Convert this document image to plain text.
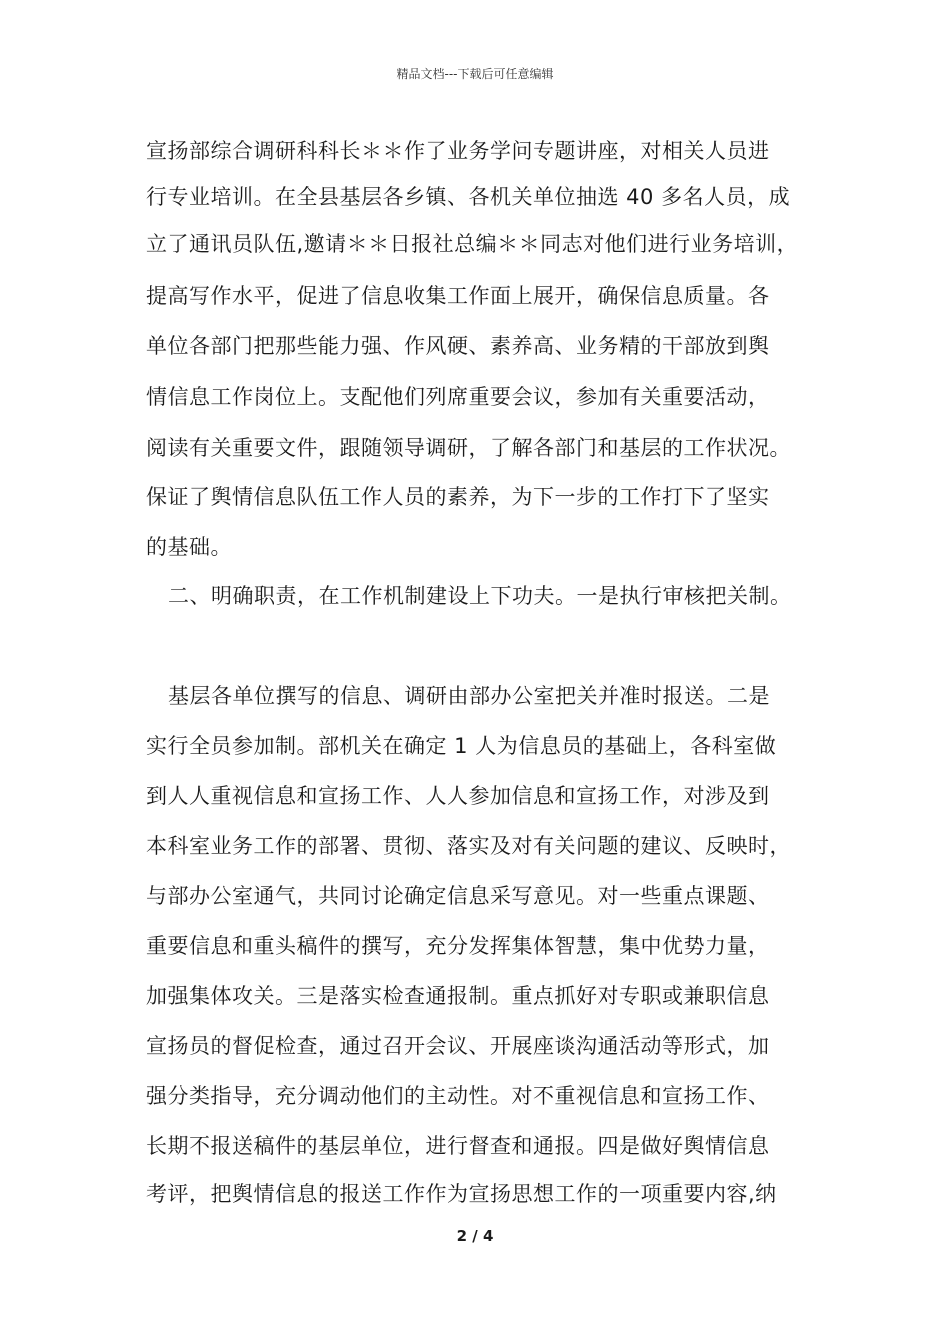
精品文档---下载后可任意编辑
宣扬部综合调研科科长＊＊作了业务学问专题讲座，对相关人员进
行专业培训。在全县基层各乡镇、各机关单位抽选 40 多名人员，成
立了通讯员队伍,邀请＊＊日报社总编＊＊同志对他们进行业务培训，
提高写作水平，促进了信息收集工作面上展开，确保信息质量。各
单位各部门把那些能力强、作风硬、素养高、业务精的干部放到舆
情信息工作岗位上。支配他们列席重要会议，参加有关重要活动，
阅读有关重要文件，跟随领导调研，了解各部门和基层的工作状况。
保证了舆情信息队伍工作人员的素养，为下一步的工作打下了坚实
的基础。
二、明确职责，在工作机制建设上下功夫。一是执行审核把关制。
基层各单位撰写的信息、调研由部办公室把关并准时报送。二是
实行全员参加制。部机关在确定 1 人为信息员的基础上，各科室做
到人人重视信息和宣扬工作、人人参加信息和宣扬工作，对涉及到
本科室业务工作的部署、贯彻、落实及对有关问题的建议、反映时，
与部办公室通气，共同讨论确定信息采写意见。对一些重点课题、
重要信息和重头稿件的撰写，充分发挥集体智慧，集中优势力量，
加强集体攻关。三是落实检查通报制。重点抓好对专职或兼职信息
宣扬员的督促检查，通过召开会议、开展座谈沟通活动等形式，加
强分类指导，充分调动他们的主动性。对不重视信息和宣扬工作、
长期不报送稿件的基层单位，进行督查和通报。四是做好舆情信息
考评，把舆情信息的报送工作作为宣扬思想工作的一项重要内容,纳
2 / 4
